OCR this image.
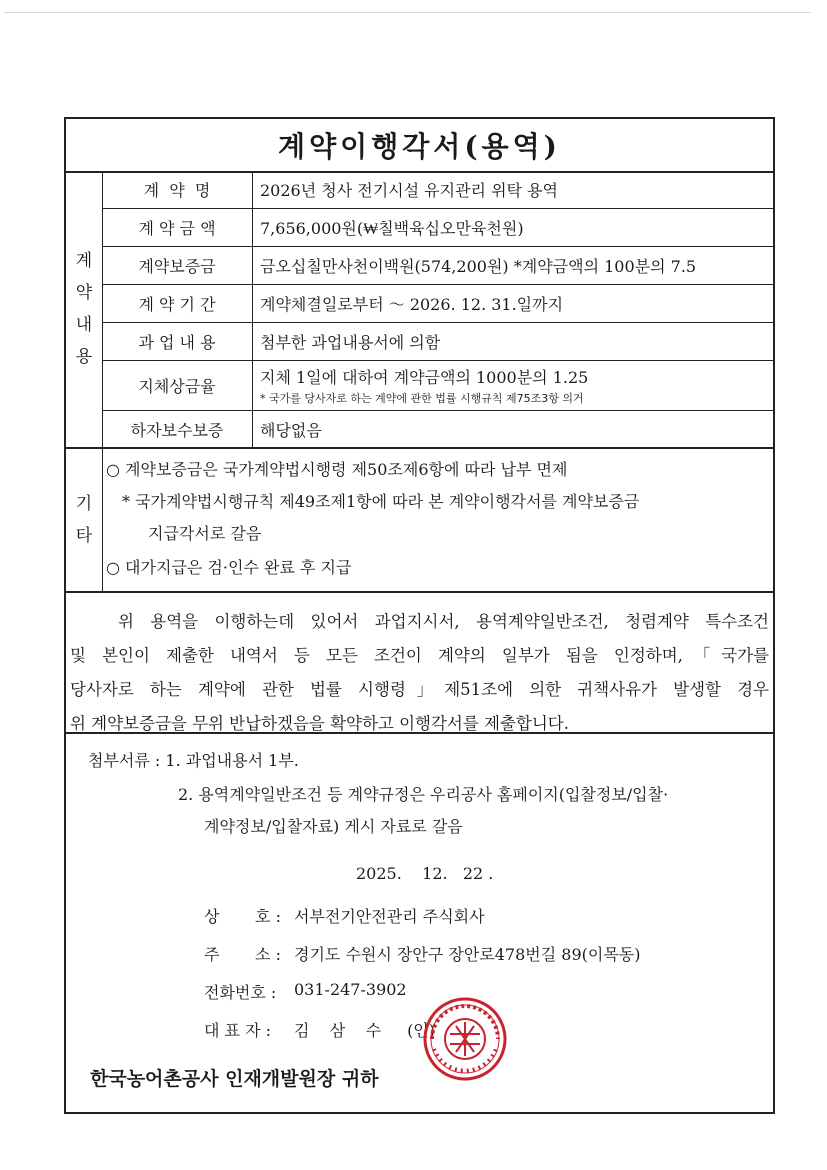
계약이행각서(용역)
계
약
내
용
계  약  명	2026년 청사 전기시설 유지관리 위탁 용역
계 약 금 액	7,656,000원(₩칠백육십오만육천원)
계약보증금	금오십칠만사천이백원(574,200원) *계약금액의 100분의 7.5
계 약 기 간	계약체결일로부터 ～ 2026. 12. 31.일까지
과 업 내 용	첨부한 과업내용서에 의함
지체상금율	지체 1일에 대하여 계약금액의 1000분의 1.25
* 국가를 당사자로 하는 계약에 관한 법률 시행규칙 제75조3항 의거
하자보수보증	해당없음
기
타
○ 계약보증금은 국가계약법시행령 제50조제6항에 따라 납부 면제
* 국가계약법시행규칙 제49조제1항에 따라 본 계약이행각서를 계약보증금
지급각서로 갈음
○ 대가지급은 검·인수 완료 후 지급
위 용역을 이행하는데 있어서 과업지시서, 용역계약일반조건, 청렴계약 특수조건
및 본인이 제출한 내역서 등 모든 조건이 계약의 일부가 됨을 인정하며,「국가를
당사자로 하는 계약에 관한 법률 시행령」제51조에 의한 귀책사유가 발생할 경우
위 계약보증금을 무위 반납하겠음을 확약하고 이행각서를 제출합니다.
첨부서류 : 1. 과업내용서 1부.
2. 용역계약일반조건 등 계약규정은 우리공사 홈페이지(입찰정보/입찰·
계약정보/입찰자료) 게시 자료로 갈음
2025.    12.   22 .
상       호 : 서부전기안전관리 주식회사
주       소 : 경기도 수원시 장안구 장안로478번길 89(이목동)
전화번호 :	031-247-3902
대 표 자 :	김    삼    수 (인)
한국농어촌공사 인재개발원장 귀하
